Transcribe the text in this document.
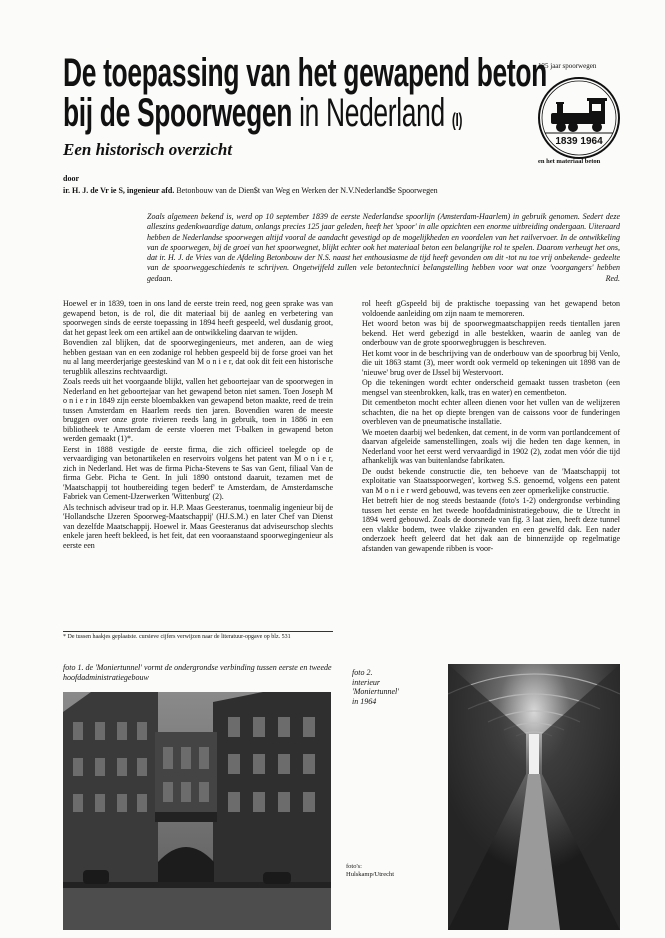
De toepassing van het gewapend beton
bij de Spoorwegen in Nederland (I)
Een historisch overzicht
door
ir. H. J. de Vr ie S, ingenieur afd. Betonbouw van de Dien$t van Weg en Werken der N.V.Nederland$e Spoorwegen
125 jaar spoorwegen
1839 1964
en het materiaal beton
Zoals algemeen bekend is, werd op 10 september 1839 de eerste Nederlandse spoorlijn (Amsterdam-Haarlem) in gebruik genomen. Sedert deze alleszins gedenkwaardige datum, onlangs precies 125 jaar geleden, heeft het 'spoor' in alle opzichten een enorme uitbreiding ondergaan. Uiteraard hebben de Nederlandse spoorwegen altijd vooral de aandacht gevestigd op de mogelijkheden en voordelen van het railvervoer. In de ontwikkeling van de spoorwegen, bij de groei van het spoorwegnet, blijkt echter ook het materiaal beton een belangrijke rol te spelen. Daarom verheugt het ons, dat ir. H. J. de Vries van de Afdeling Betonbouw der N.S. naast het enthousiasme de tijd heeft gevonden om dit -tot nu toe vrij onbekende- gedeelte van de spoorweggeschiedenis te schrijven. Ongetwijfeld zullen vele betontechnici belangstelling hebben voor wat onze 'voorgangers' hebben gedaan.	Red.

Hoewel er in 1839, toen in ons land de eerste trein reed, nog geen sprake was van gewapend beton, is de rol, die dit materiaal bij de aanleg en verbetering van spoorwegen sinds de eerste toepassing in 1894 heeft gespeeld, wel dusdanig groot, dat het gepast leek om een artikel aan de ontwikkeling daarvan te wijden.

Bovendien zal blijken, dat de spoorwegingenieurs, met anderen, aan de wieg hebben gestaan van en een zodanige rol hebben gespeeld bij de forse groei van het nu al lang meerderjarige geesteskind van M o n i e r, dat ook dit feit een historische terugblik alleszins rechtvaardigt.

Zoals reeds uit het voorgaande blijkt, vallen het geboortejaar van de spoorwegen in Nederland en het geboortejaar van het gewapend beton niet samen. Toen Joseph M o n i e r in 1849 zijn eerste bloembakken van gewapend beton maakte, reed de trein tussen Amsterdam en Haarlem reeds tien jaren. Bovendien waren de meeste bruggen over onze grote rivieren reeds lang in gebruik, toen in 1886 in een bibliotheek te Amsterdam de eerste vloeren met T-balken in gewapend beton werden gemaakt (1)*.

Eerst in 1888 vestigde de eerste firma, die zich officieel toelegde op de vervaardiging van betonartikelen en reservoirs volgens het patent van M o n i e r, zich in Nederland. Het was de firma Picha-Stevens te Sas van Gent, filiaal Van de firma Gebr. Picha te Gent. In juli 1890 ontstond daaruit, tezamen met de 'Maatschappij tot houtbereiding tegen bederf' te Amsterdam, de Amsterdamsche Fabriek van Cement-IJzerwerken 'Wittenburg' (2).

Als technisch adviseur trad op ir. H.P. Maas Geesteranus, toenmalig ingenieur bij de 'Hollandsche IJzeren Spoorweg-Maatschappij' (HJ.S.M.) en later Chef van Dienst van dezelfde Maatschappij. Hoewel ir. Maas Geesteranus dat adviseurschop slechts enkele jaren heeft bekleed, is het feit, dat een vooraanstaand spoorwegingenieur als eerste een

rol heeft gGspeeld bij de praktische toepassing van het gewapend beton voldoende aanleiding om zijn naam te memoreren.

Het woord beton was bij de spoorwegmaatschappijen reeds tientallen jaren bekend. Het werd gebezigd in alle bestekken, waarin de aanleg van de onderbouw van de grote spoorwegbruggen is beschreven.

Het komt voor in de beschrijving van de onderbouw van de spoorbrug bij Venlo, die uit 1863 stamt (3), meer wordt ook vermeld op tekeningen uit 1898 van de 'nieuwe' brug over de IJssel bij Westervoort.

Op die tekeningen wordt echter onderscheid gemaakt tussen trasbeton (een mengsel van steenbrokken, kalk, tras en water) en cementbeton.

Dit cementbeton mocht echter alleen dienen voor het vullen van de welijzeren schachten, die na het op diepte brengen van de caissons voor de funderingen overbleven van de pneumatische installatie.

We moeten daarbij wel bedenken, dat cement, in de vorm van portlandcement of daarvan afgeleide samenstellingen, zoals wij die heden ten dage kennen, in Nederland voor het eerst werd vervaardigd in 1902 (2), zodat men vóór die tijd afhankelijk was van buitenlandse fabrikaten.

De oudst bekende constructie die, ten behoeve van de 'Maatschappij tot exploitatie van Staatsspoorwegen', kortweg S.S. genoemd, volgens een patent van M o n i e r werd gebouwd, was tevens een zeer opmerkelijke constructie.

Het betreft hier de nog steeds bestaande (foto's 1-2) ondergrondse verbinding tussen het eerste en het tweede hoofdadministratiegebouw, die te Utrecht in 1894 werd gebouwd. Zoals de doorsnede van fig. 3 laat zien, heeft deze tunnel een vlakke bodem, twee vlakke zijwanden en een gewelfd dak. Een nader onderzoek heeft geleerd dat het dak aan de binnenzijde op regelmatige afstanden van gewapende ribben is voor-

* De tussen haakjes geplaatste. cursieve cijfers verwijzen naar de literatuur-opgave op blz. 531
foto 1. de 'Moniertunnel' vormt de ondergrondse verbinding tussen eerste en tweede hoofdadministratiegebouw
foto 2.
interieur
'Moniertunnel'
in 1964
foto's:
Hulskamp/Utrecht
